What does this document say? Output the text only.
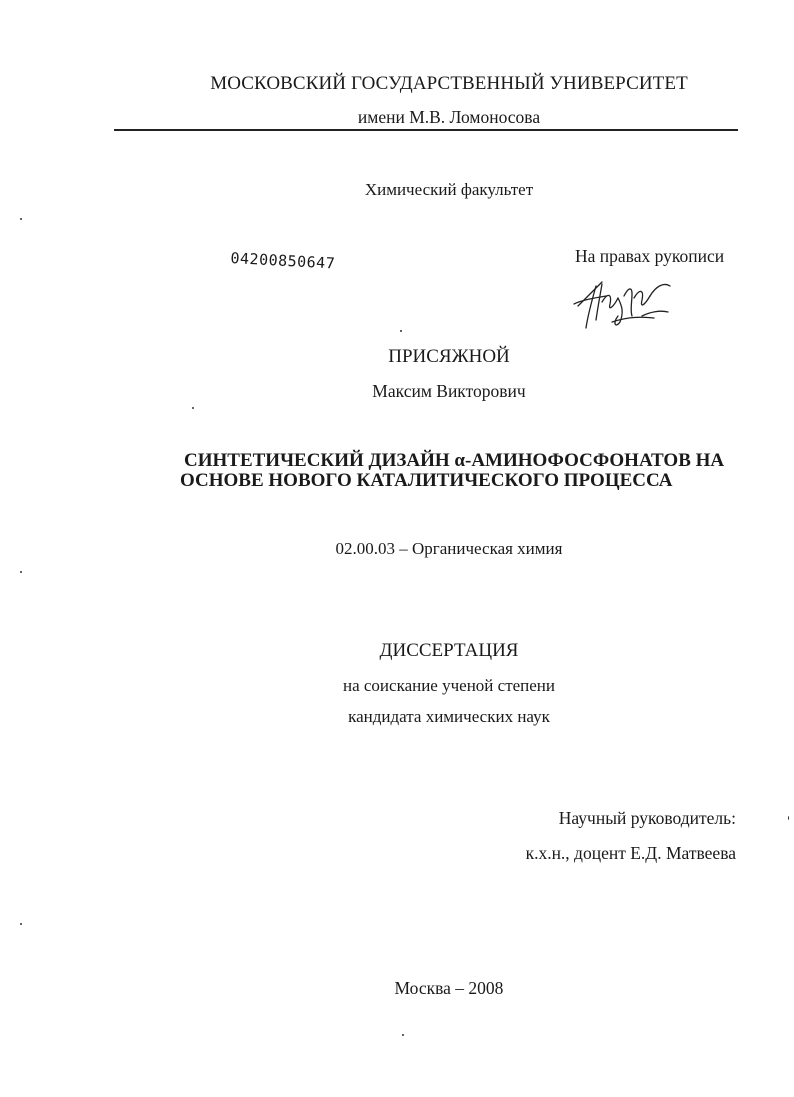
МОСКОВСКИЙ ГОСУДАРСТВЕННЫЙ УНИВЕРСИТЕТ
имени М.В. Ломоносова
Химический факультет
04200850647	На правах рукописи
ПРИСЯЖНОЙ
Максим Викторович
СИНТЕТИЧЕСКИЙ ДИЗАЙН α-АМИНОФОСФОНАТОВ НА
ОСНОВЕ НОВОГО КАТАЛИТИЧЕСКОГО ПРОЦЕССА
02.00.03 – Органическая химия
ДИССЕРТАЦИЯ
на соискание ученой степени
кандидата химических наук
Научный руководитель:
к.х.н., доцент Е.Д. Матвеева
Москва – 2008
